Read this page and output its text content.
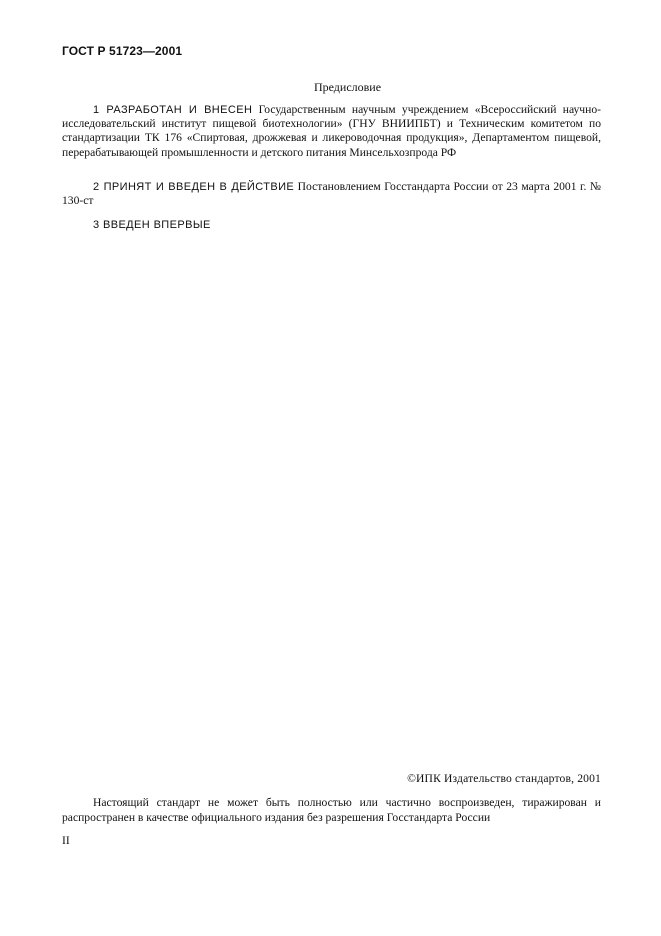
ГОСТ Р 51723—2001
Предисловие
1 РАЗРАБОТАН И ВНЕСЕН Государственным научным учреждением «Всероссийский научно-исследовательский институт пищевой биотехнологии» (ГНУ ВНИИПБТ) и Техническим комитетом по стандартизации ТК 176 «Спиртовая, дрожжевая и ликероводочная продукция», Департаментом пищевой, перерабатывающей промышленности и детского питания Минсельхозпрода РФ
2 ПРИНЯТ И ВВЕДЕН В ДЕЙСТВИЕ Постановлением Госстандарта России от 23 марта 2001 г. № 130-ст
3 ВВЕДЕН ВПЕРВЫЕ
©ИПК Издательство стандартов, 2001
Настоящий стандарт не может быть полностью или частично воспроизведен, тиражирован и распространен в качестве официального издания без разрешения Госстандарта России
II
